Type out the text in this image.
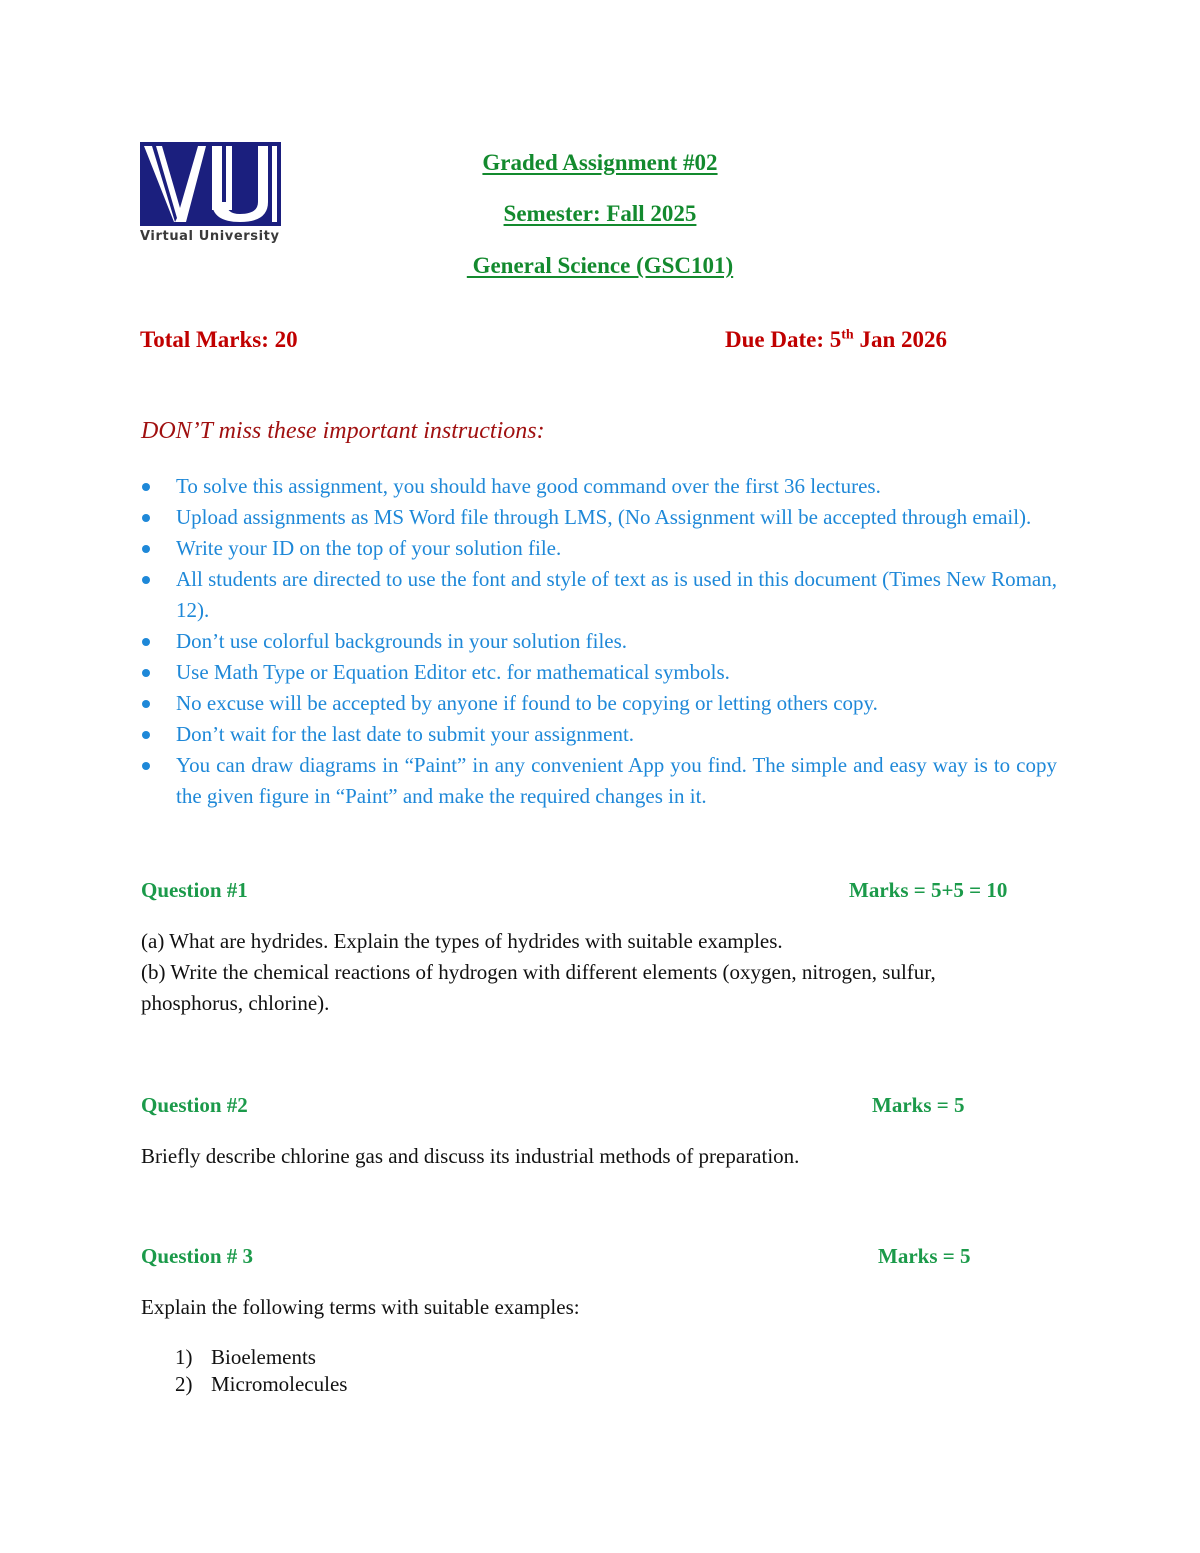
Virtual University
Graded Assignment #02
Semester: Fall 2025
General Science (GSC101)
Total Marks: 20	Due Date: 5th Jan 2026
DON’T miss these important instructions:
To solve this assignment, you should have good command over the first 36 lectures.
Upload assignments as MS Word file through LMS, (No Assignment will be accepted through email).
Write your ID on the top of your solution file.
All students are directed to use the font and style of text as is used in this document (Times New Roman, 12).
Don’t use colorful backgrounds in your solution files.
Use Math Type or Equation Editor etc. for mathematical symbols.
No excuse will be accepted by anyone if found to be copying or letting others copy.
Don’t wait for the last date to submit your assignment.
You can draw diagrams in “Paint” in any convenient App you find. The simple and easy way is to copy the given figure in “Paint” and make the required changes in it.
Question #1	Marks = 5+5 = 10
(a) What are hydrides. Explain the types of hydrides with suitable examples.
(b) Write the chemical reactions of hydrogen with different elements (oxygen, nitrogen, sulfur, phosphorus, chlorine).
Question #2	Marks = 5
Briefly describe chlorine gas and discuss its industrial methods of preparation.
Question # 3	Marks = 5
Explain the following terms with suitable examples:
1) Bioelements
2) Micromolecules
